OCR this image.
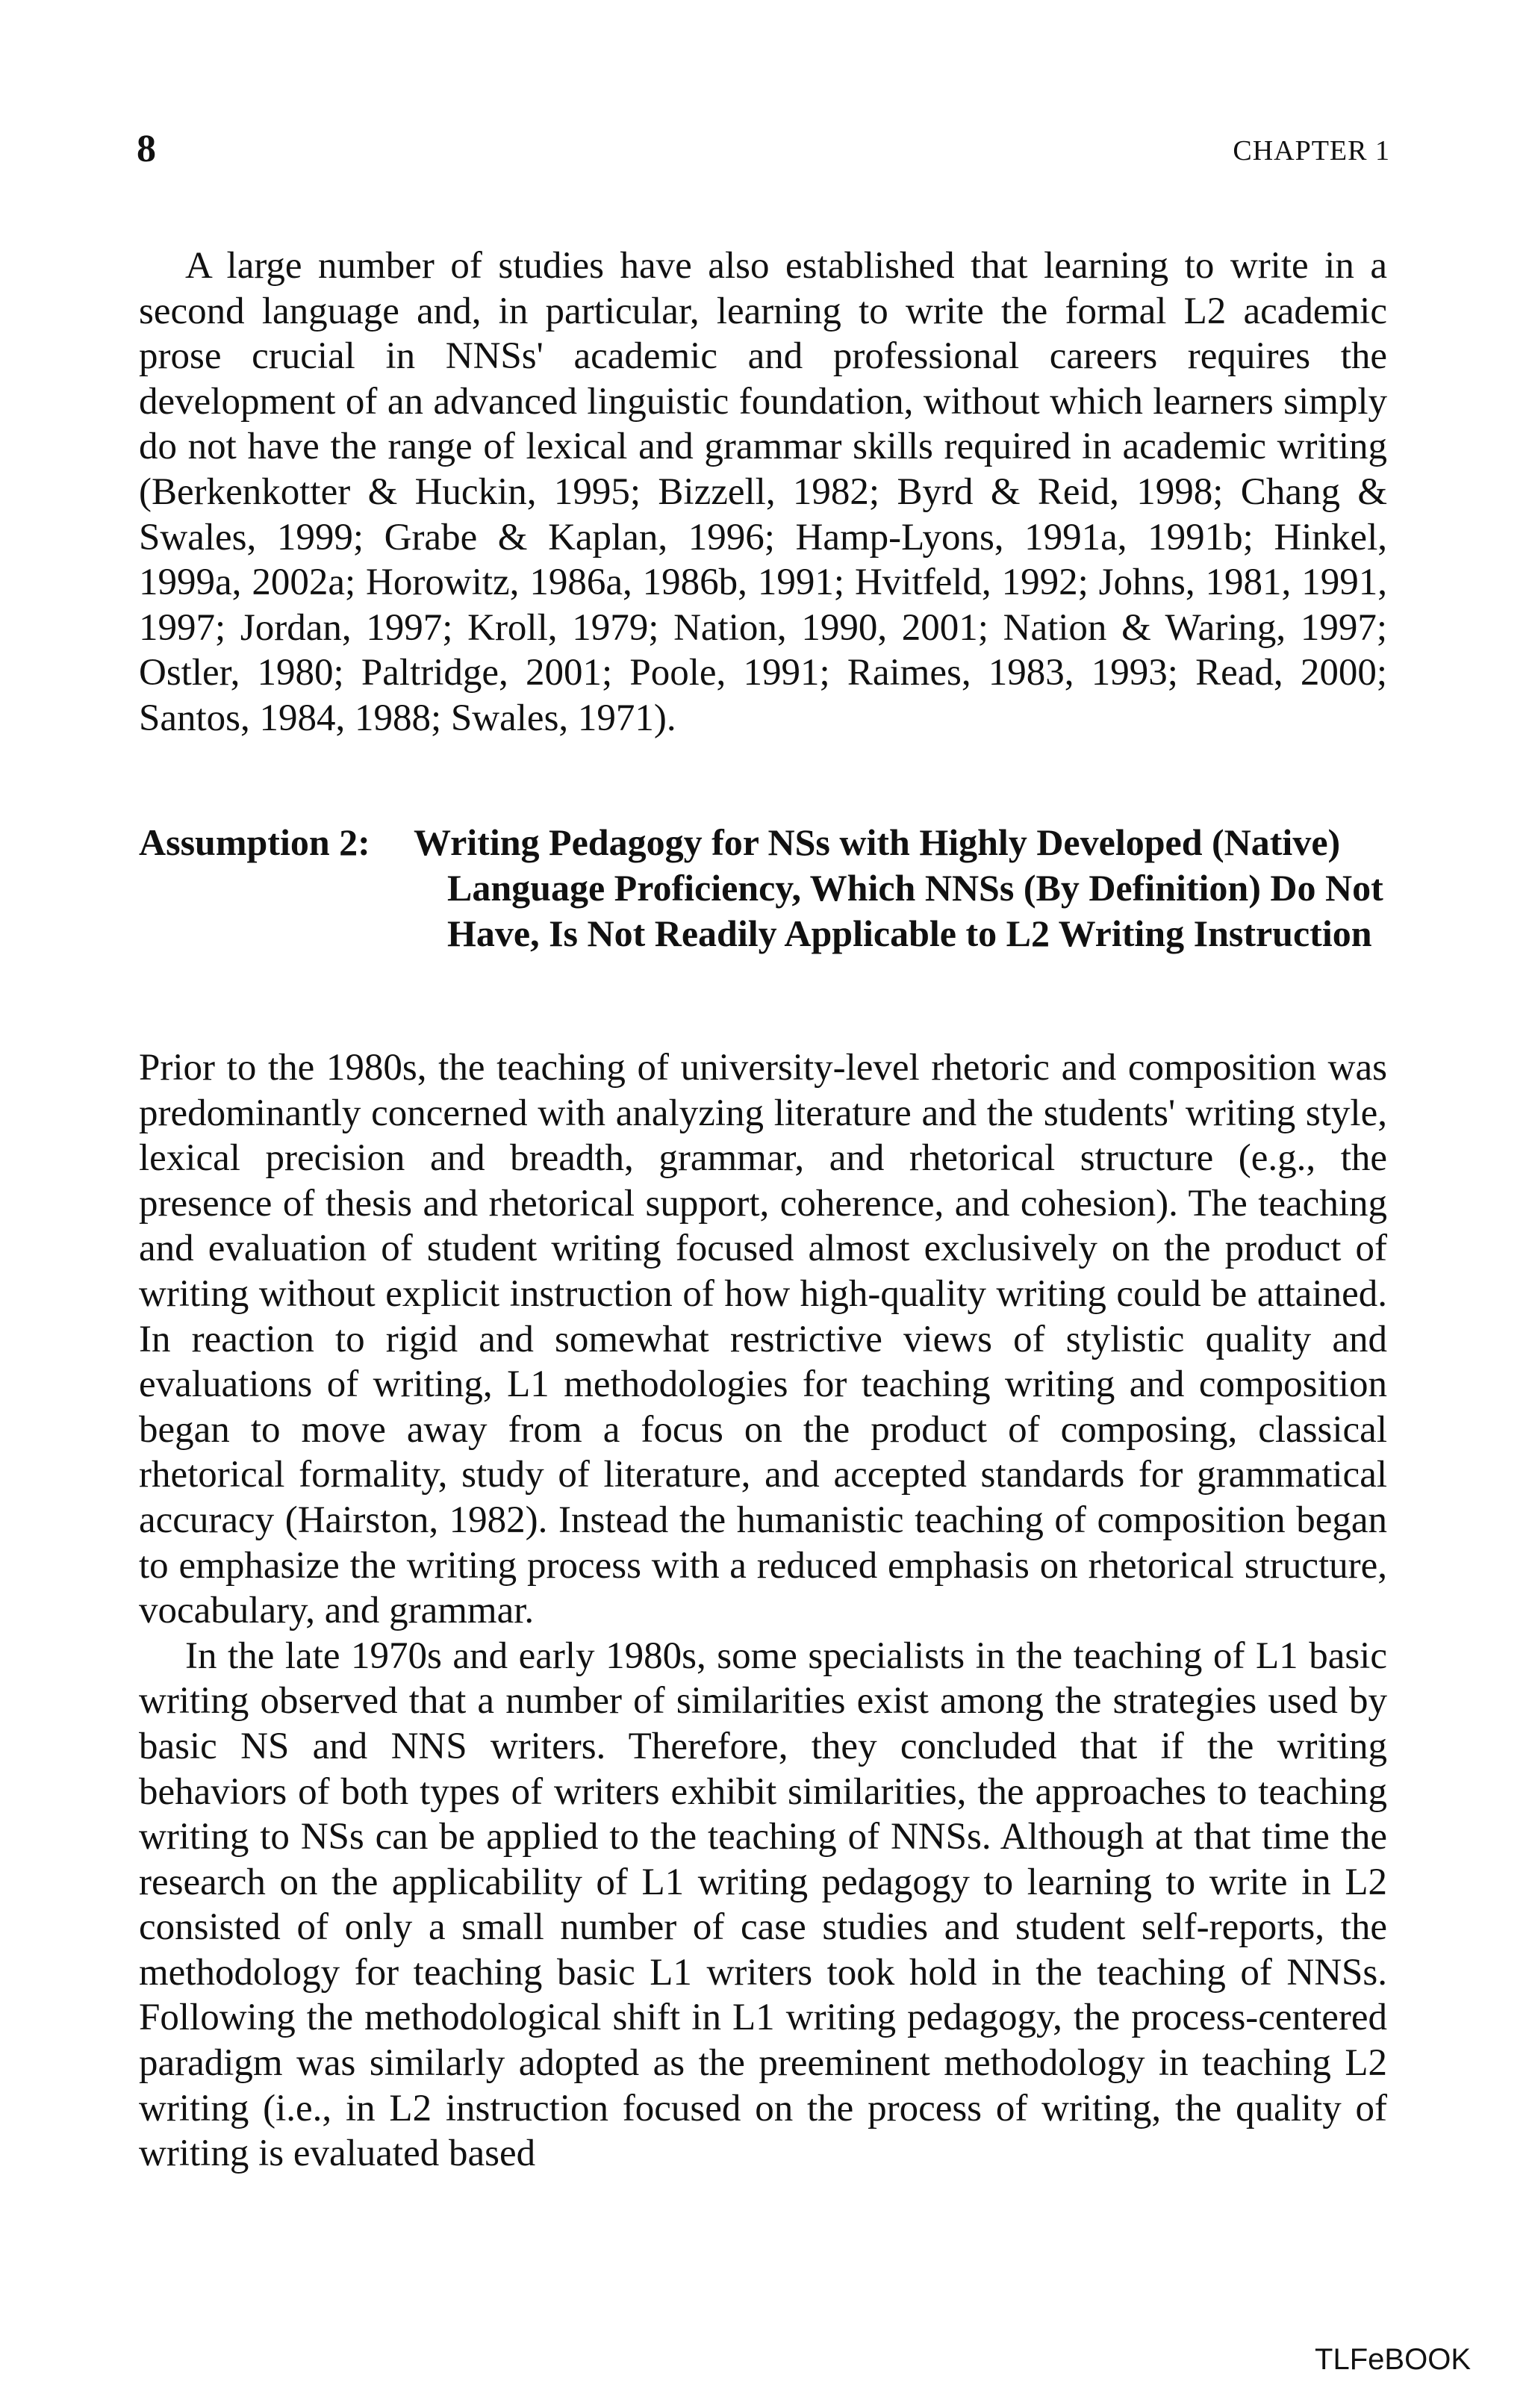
8	CHAPTER 1

A large number of studies have also established that learning to write in a second language and, in particular, learning to write the formal L2 academic prose crucial in NNSs' academic and professional careers requires the development of an advanced linguistic foundation, without which learners simply do not have the range of lexical and grammar skills required in academic writing (Berkenkotter & Huckin, 1995; Bizzell, 1982; Byrd & Reid, 1998; Chang & Swales, 1999; Grabe & Kaplan, 1996; Hamp-Lyons, 1991a, 1991b; Hinkel, 1999a, 2002a; Horowitz, 1986a, 1986b, 1991; Hvitfeld, 1992; Johns, 1981, 1991, 1997; Jordan, 1997; Kroll, 1979; Nation, 1990, 2001; Nation & Waring, 1997; Ostler, 1980; Paltridge, 2001; Poole, 1991; Raimes, 1983, 1993; Read, 2000; Santos, 1984, 1988; Swales, 1971).

Assumption 2: Writing Pedagogy for NSs with Highly Developed (Native) Language Proficiency, Which NNSs (By Definition) Do Not Have, Is Not Readily Applicable to L2 Writing Instruction

Prior to the 1980s, the teaching of university-level rhetoric and composition was predominantly concerned with analyzing literature and the students' writing style, lexical precision and breadth, grammar, and rhetorical structure (e.g., the presence of thesis and rhetorical support, coherence, and cohesion). The teaching and evaluation of student writing focused almost exclusively on the product of writing without explicit instruction of how high-quality writing could be attained. In reaction to rigid and somewhat restrictive views of stylistic quality and evaluations of writing, L1 methodologies for teaching writing and composition began to move away from a focus on the product of composing, classical rhetorical formality, study of literature, and accepted standards for grammatical accuracy (Hairston, 1982). Instead the humanistic teaching of composition began to emphasize the writing process with a reduced emphasis on rhetorical structure, vocabulary, and grammar.

In the late 1970s and early 1980s, some specialists in the teaching of L1 basic writing observed that a number of similarities exist among the strategies used by basic NS and NNS writers. Therefore, they concluded that if the writing behaviors of both types of writers exhibit similarities, the approaches to teaching writing to NSs can be applied to the teaching of NNSs. Although at that time the research on the applicability of L1 writing pedagogy to learning to write in L2 consisted of only a small number of case studies and student self-reports, the methodology for teaching basic L1 writers took hold in the teaching of NNSs. Following the methodological shift in L1 writing pedagogy, the process-centered paradigm was similarly adopted as the preeminent methodology in teaching L2 writing (i.e., in L2 instruction focused on the process of writing, the quality of writing is evaluated based

TLFeBOOK
